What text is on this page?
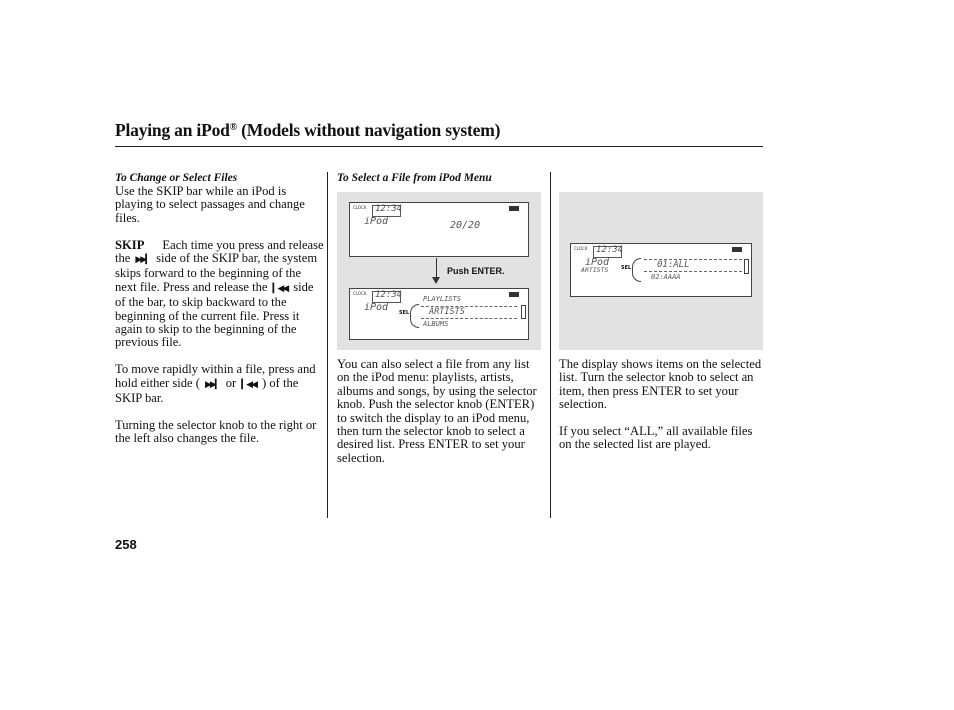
Playing an iPod® (Models without navigation system)
To Change or Select Files

Use the SKIP bar while an iPod is playing to select passages and change files.

SKIP Each time you press and release the ▶▶▎ side of the SKIP bar, the system skips forward to the beginning of the next file. Press and release the ▎◀◀ side of the bar, to skip backward to the beginning of the current file. Press it again to skip to the beginning of the previous file.

To move rapidly within a file, press and hold either side ( ▶▶▎ or ▎◀◀ ) of the SKIP bar.

Turning the selector knob to the right or the left also changes the file.

To Select a File from iPod Menu
CLOCK 12:34
iPod	20/20
Push ENTER.
CLOCK 12:34
iPod SEL
PLAYLISTS
ARTISTS
ALBUMS
You can also select a file from any list on the iPod menu: playlists, artists, albums and songs, by using the selector knob. Push the selector knob (ENTER) to switch the display to an iPod menu, then turn the selector knob to select a desired list. Press ENTER to set your selection.
CLOCK 12:34
iPod
ARTISTS	SEL	01:ALL
02:AAAA

The display shows items on the selected list. Turn the selector knob to select an item, then press ENTER to set your selection.

If you select “ALL,” all available files on the selected list are played.

258
